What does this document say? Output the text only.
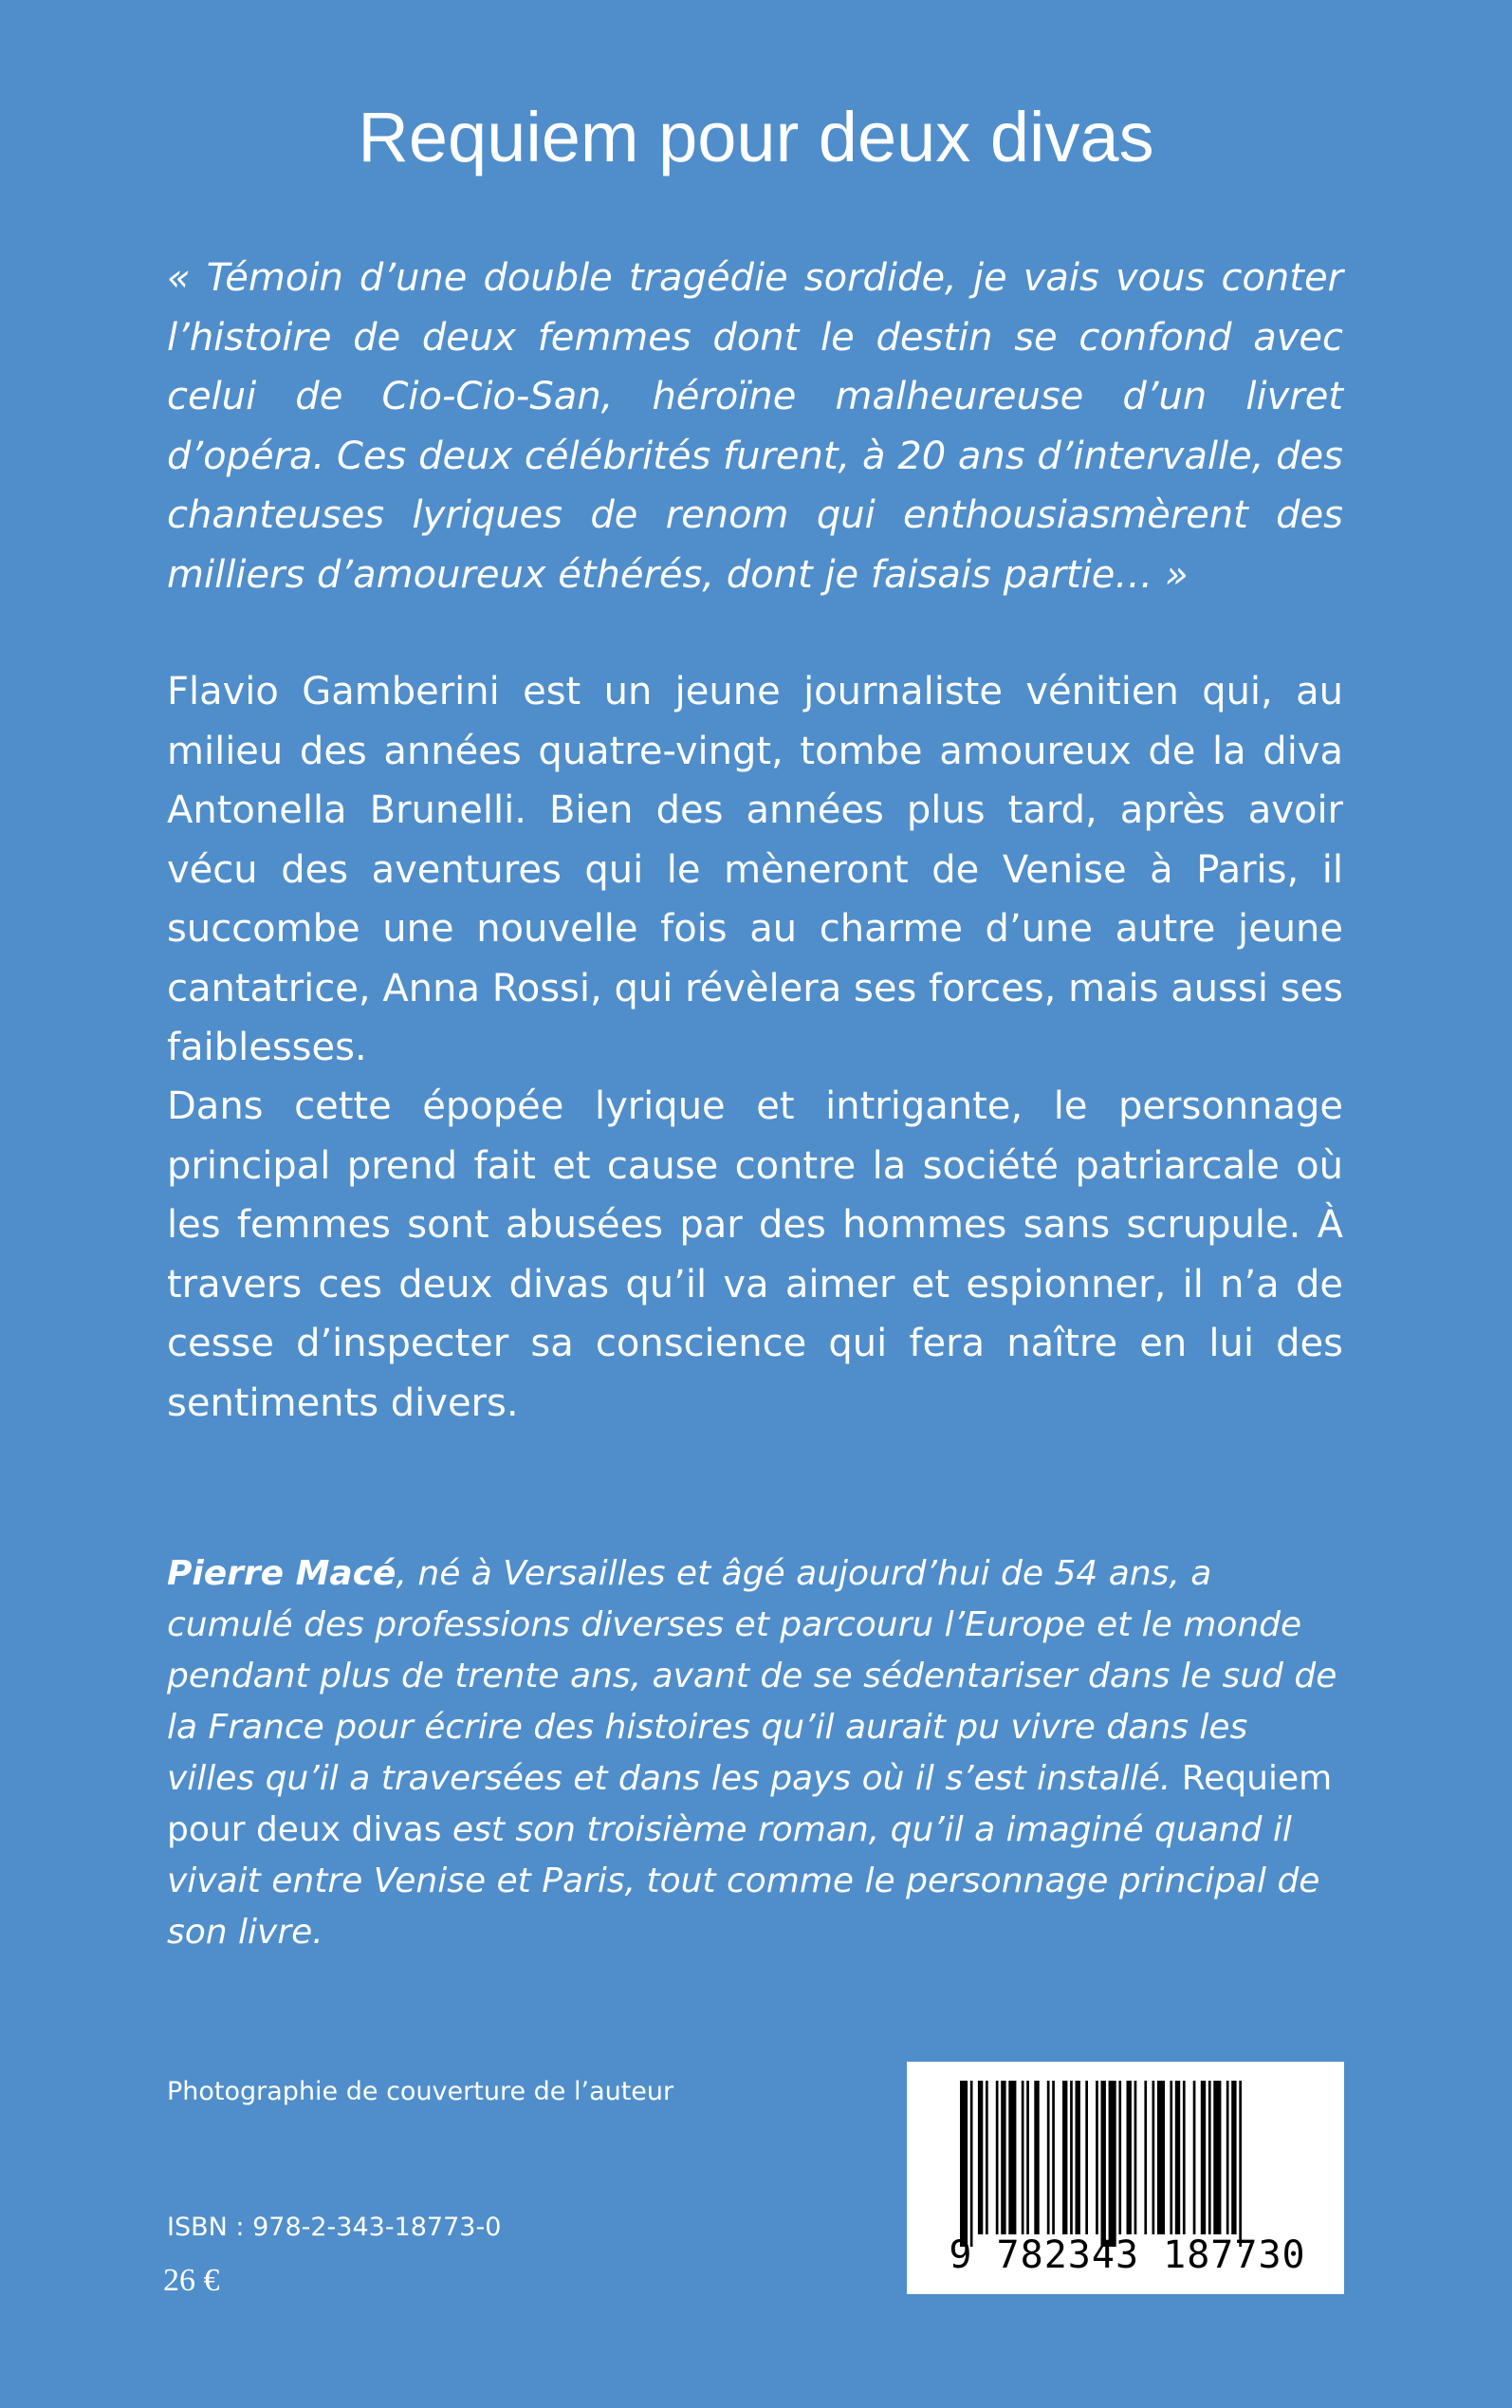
Requiem pour deux divas

« Témoin d’une double tragédie sordide, je vais vous conter l’histoire de deux femmes dont le destin se confond avec celui de Cio-Cio-San, héroïne malheureuse d’un livret d’opéra. Ces deux célébrités furent, à 20 ans d’intervalle, des chanteuses lyriques de renom qui enthousiasmèrent des milliers d’amoureux éthérés, dont je faisais partie… »

Flavio Gamberini est un jeune journaliste vénitien qui, au milieu des années quatre-vingt, tombe amoureux de la diva Antonella Brunelli. Bien des années plus tard, après avoir vécu des aventures qui le mèneront de Venise à Paris, il succombe une nouvelle fois au charme d’une autre jeune cantatrice, Anna Rossi, qui révèlera ses forces, mais aussi ses faiblesses.

Dans cette épopée lyrique et intrigante, le personnage principal prend fait et cause contre la société patriarcale où les femmes sont abusées par des hommes sans scrupule. À travers ces deux divas qu’il va aimer et espionner, il n’a de cesse d’inspecter sa conscience qui fera naître en lui des sentiments divers.

Pierre Macé, né à Versailles et âgé aujourd’hui de 54 ans, a cumulé des professions diverses et parcouru l’Europe et le monde pendant plus de trente ans, avant de se sédentariser dans le sud de la France pour écrire des histoires qu’il aurait pu vivre dans les villes qu’il a traversées et dans les pays où il s’est installé. Requiem pour deux divas est son troisième roman, qu’il a imaginé quand il vivait entre Venise et Paris, tout comme le personnage principal de son livre.

Photographie de couverture de l’auteur
ISBN : 978-2-343-18773-0
26 €
9 782343 187730
